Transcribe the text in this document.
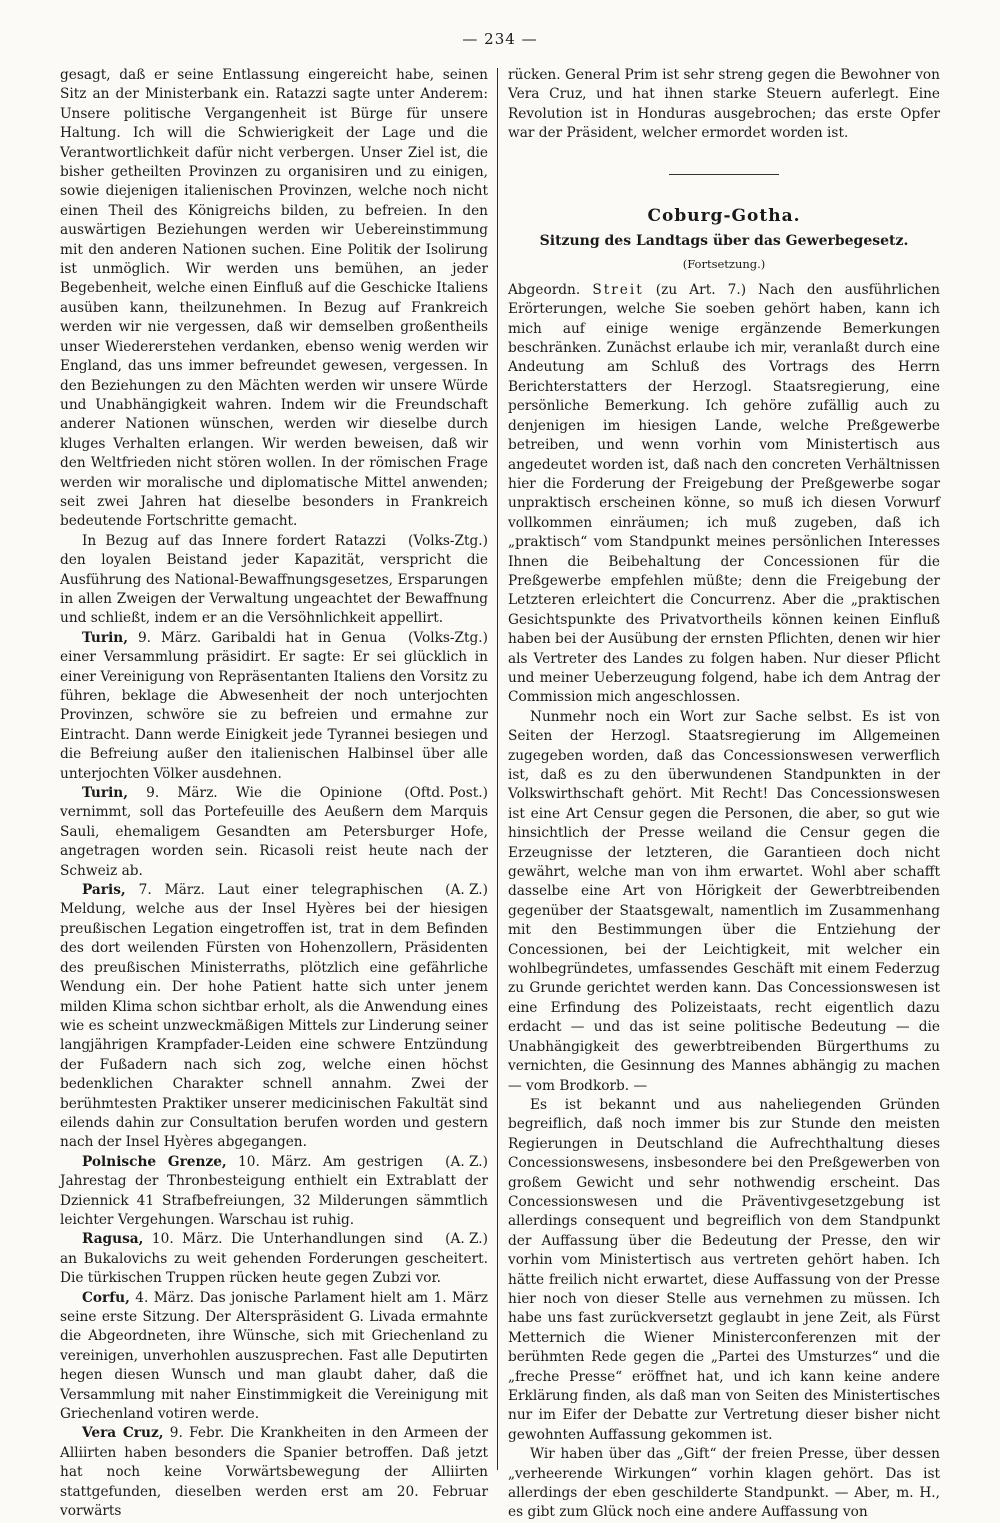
— 234 —

gesagt, daß er seine Entlassung eingereicht habe, seinen Sitz an der Ministerbank ein. Ratazzi sagte unter Anderem: Unsere politische Vergangenheit ist Bürge für unsere Haltung. Ich will die Schwierigkeit der Lage und die Verantwortlichkeit dafür nicht verbergen. Unser Ziel ist, die bisher getheilten Provinzen zu organisiren und zu einigen, sowie diejenigen italienischen Provinzen, welche noch nicht einen Theil des Königreichs bilden, zu befreien. In den auswärtigen Beziehungen werden wir Uebereinstimmung mit den anderen Nationen suchen. Eine Politik der Isolirung ist unmöglich. Wir werden uns bemühen, an jeder Begebenheit, welche einen Einfluß auf die Geschicke Italiens ausüben kann, theilzunehmen. In Bezug auf Frankreich werden wir nie vergessen, daß wir demselben großentheils unser Wiedererstehen verdanken, ebenso wenig werden wir England, das uns immer befreundet gewesen, vergessen. In den Beziehungen zu den Mächten werden wir unsere Würde und Unabhängigkeit wahren. Indem wir die Freundschaft anderer Nationen wünschen, werden wir dieselbe durch kluges Verhalten erlangen. Wir werden beweisen, daß wir den Weltfrieden nicht stören wollen. In der römischen Frage werden wir moralische und diplomatische Mittel anwenden; seit zwei Jahren hat dieselbe besonders in Frankreich bedeutende Fortschritte gemacht.

(Volks-Ztg.)
In Bezug auf das Innere fordert Ratazzi den loyalen Beistand jeder Kapazität, verspricht die Ausführung des National-Bewaffnungsgesetzes, Ersparungen in allen Zweigen der Verwaltung ungeachtet der Bewaffnung und schließt, indem er an die Versöhnlichkeit appellirt.

(Volks-Ztg.)
Turin, 9. März. Garibaldi hat in Genua einer Versammlung präsidirt. Er sagte: Er sei glücklich in einer Vereinigung von Repräsentanten Italiens den Vorsitz zu führen, beklage die Abwesenheit der noch unterjochten Provinzen, schwöre sie zu befreien und ermahne zur Eintracht. Dann werde Einigkeit jede Tyrannei besiegen und die Befreiung außer den italienischen Halbinsel über alle unterjochten Völker ausdehnen.

(Oftd. Post.)
Turin, 9. März. Wie die Opinione vernimmt, soll das Portefeuille des Aeußern dem Marquis Sauli, ehemaligem Gesandten am Petersburger Hofe, angetragen worden sein. Ricasoli reist heute nach der Schweiz ab.

(A. Z.)
Paris, 7. März. Laut einer telegraphischen Meldung, welche aus der Insel Hyères bei der hiesigen preußischen Legation eingetroffen ist, trat in dem Befinden des dort weilenden Fürsten von Hohenzollern, Präsidenten des preußischen Ministerraths, plötzlich eine gefährliche Wendung ein. Der hohe Patient hatte sich unter jenem milden Klima schon sichtbar erholt, als die Anwendung eines wie es scheint unzweckmäßigen Mittels zur Linderung seiner langjährigen Krampfader-Leiden eine schwere Entzündung der Fußadern nach sich zog, welche einen höchst bedenklichen Charakter schnell annahm. Zwei der berühmtesten Praktiker unserer medicinischen Fakultät sind eilends dahin zur Consultation berufen worden und gestern nach der Insel Hyères abgegangen.

(A. Z.)
Polnische Grenze, 10. März. Am gestrigen Jahrestag der Thronbesteigung enthielt ein Extrablatt der Dziennick 41 Strafbefreiungen, 32 Milderungen sämmtlich leichter Vergehungen. Warschau ist ruhig.

(A. Z.)
Ragusa, 10. März. Die Unterhandlungen sind an Bukalovichs zu weit gehenden Forderungen gescheitert. Die türkischen Truppen rücken heute gegen Zubzi vor.

Corfu, 4. März. Das jonische Parlament hielt am 1. März seine erste Sitzung. Der Alterspräsident G. Livada ermahnte die Abgeordneten, ihre Wünsche, sich mit Griechenland zu vereinigen, unverhohlen auszusprechen. Fast alle Deputirten hegen diesen Wunsch und man glaubt daher, daß die Versammlung mit naher Einstimmigkeit die Vereinigung mit Griechenland votiren werde.

Vera Cruz, 9. Febr. Die Krankheiten in den Armeen der Alliirten haben besonders die Spanier betroffen. Daß jetzt hat noch keine Vorwärtsbewegung der Alliirten stattgefunden, dieselben werden erst am 20. Februar vorwärts

rücken. General Prim ist sehr streng gegen die Bewohner von Vera Cruz, und hat ihnen starke Steuern auferlegt. Eine Revolution ist in Honduras ausgebrochen; das erste Opfer war der Präsident, welcher ermordet worden ist.

Coburg-Gotha.
Sitzung des Landtags über das Gewerbegesetz.
(Fortsetzung.)

Abgeordn. Streit (zu Art. 7.) Nach den ausführlichen Erörterungen, welche Sie soeben gehört haben, kann ich mich auf einige wenige ergänzende Bemerkungen beschränken. Zunächst erlaube ich mir, veranlaßt durch eine Andeutung am Schluß des Vortrags des Herrn Berichterstatters der Herzogl. Staatsregierung, eine persönliche Bemerkung. Ich gehöre zufällig auch zu denjenigen im hiesigen Lande, welche Preßgewerbe betreiben, und wenn vorhin vom Ministertisch aus angedeutet worden ist, daß nach den concreten Verhältnissen hier die Forderung der Freigebung der Preßgewerbe sogar unpraktisch erscheinen könne, so muß ich diesen Vorwurf vollkommen einräumen; ich muß zugeben, daß ich „praktisch“ vom Standpunkt meines persönlichen Interesses Ihnen die Beibehaltung der Concessionen für die Preßgewerbe empfehlen müßte; denn die Freigebung der Letzteren erleichtert die Concurrenz. Aber die „praktischen Gesichtspunkte des Privatvortheils können keinen Einfluß haben bei der Ausübung der ernsten Pflichten, denen wir hier als Vertreter des Landes zu folgen haben. Nur dieser Pflicht und meiner Ueberzeugung folgend, habe ich dem Antrag der Commission mich angeschlossen.

Nunmehr noch ein Wort zur Sache selbst. Es ist von Seiten der Herzogl. Staatsregierung im Allgemeinen zugegeben worden, daß das Concessionswesen verwerflich ist, daß es zu den überwundenen Standpunkten in der Volkswirthschaft gehört. Mit Recht! Das Concessionswesen ist eine Art Censur gegen die Personen, die aber, so gut wie hinsichtlich der Presse weiland die Censur gegen die Erzeugnisse der letzteren, die Garantieen doch nicht gewährt, welche man von ihm erwartet. Wohl aber schafft dasselbe eine Art von Hörigkeit der Gewerbtreibenden gegenüber der Staatsgewalt, namentlich im Zusammenhang mit den Bestimmungen über die Entziehung der Concessionen, bei der Leichtigkeit, mit welcher ein wohlbegründetes, umfassendes Geschäft mit einem Federzug zu Grunde gerichtet werden kann. Das Concessionswesen ist eine Erfindung des Polizeistaats, recht eigentlich dazu erdacht — und das ist seine politische Bedeutung — die Unabhängigkeit des gewerbtreibenden Bürgerthums zu vernichten, die Gesinnung des Mannes abhängig zu machen — vom Brodkorb. —

Es ist bekannt und aus naheliegenden Gründen begreiflich, daß noch immer bis zur Stunde den meisten Regierungen in Deutschland die Aufrechthaltung dieses Concessionswesens, insbesondere bei den Preßgewerben von großem Gewicht und sehr nothwendig erscheint. Das Concessionswesen und die Präventivgesetzgebung ist allerdings consequent und begreiflich von dem Standpunkt der Auffassung über die Bedeutung der Presse, den wir vorhin vom Ministertisch aus vertreten gehört haben. Ich hätte freilich nicht erwartet, diese Auffassung von der Presse hier noch von dieser Stelle aus vernehmen zu müssen. Ich habe uns fast zurückversetzt geglaubt in jene Zeit, als Fürst Metternich die Wiener Ministerconferenzen mit der berühmten Rede gegen die „Partei des Umsturzes“ und die „freche Presse“ eröffnet hat, und ich kann keine andere Erklärung finden, als daß man von Seiten des Ministertisches nur im Eifer der Debatte zur Vertretung dieser bisher nicht gewohnten Auffassung gekommen ist.

Wir haben über das „Gift“ der freien Presse, über dessen „verheerende Wirkungen“ vorhin klagen gehört. Das ist allerdings der eben geschilderte Standpunkt. — Aber, m. H., es gibt zum Glück noch eine andere Auffassung von
